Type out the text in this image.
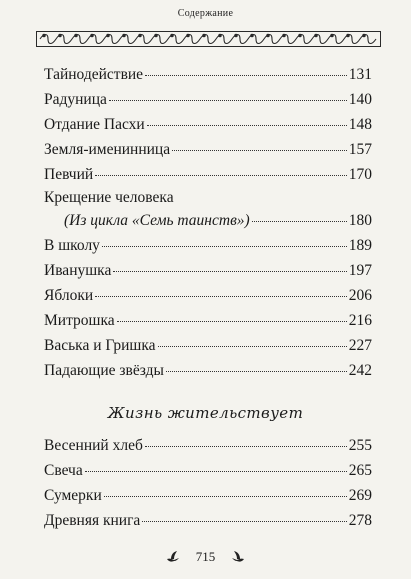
Содержание
Тайнодействие	131
Радуница	140
Отдание Пасхи	148
Земля-именинница	157
Певчий	170
Крещение человека
(Из цикла «Семь таинств»)	180
В школу	189
Иванушка	197
Яблоки	206
Митрошка	216
Васька и Гришка	227
Падающие звёзды	242
Весенний хлеб	255
Свеча	265
Сумерки	269
Древняя книга	278
Жизнь жительствует
715
